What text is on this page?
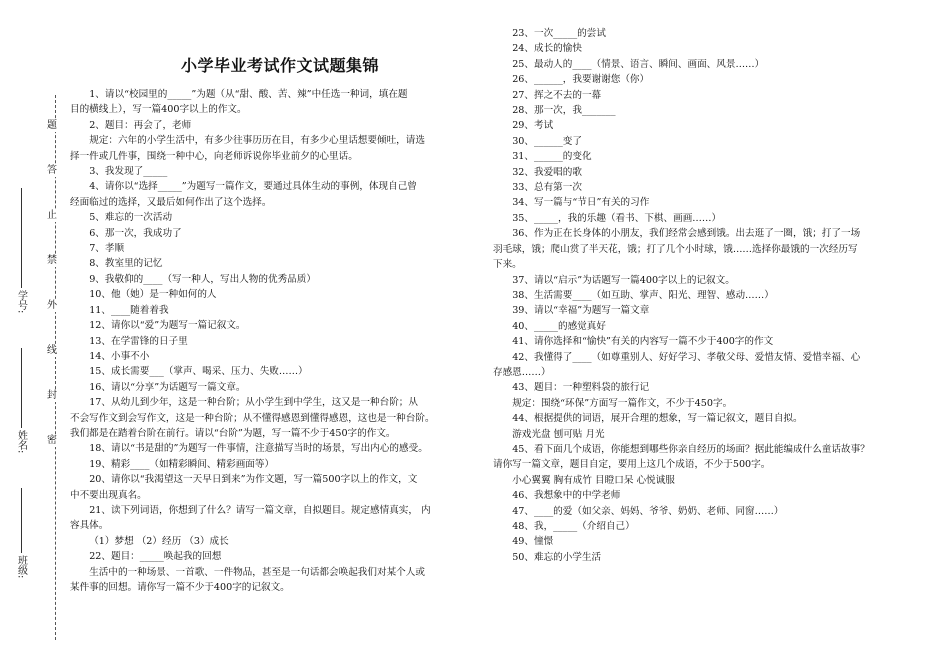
题
答
止
禁
外
线
封
密
学号:
姓名:
班级:
小学毕业考试作文试题集锦

1、请以“校园里的_____”为题（从“甜、酸、苦、辣”中任选一种词，填在题

目的横线上），写一篇400字以上的作文。

2、题目：再会了，老师

规定：六年的小学生活中，有多少往事历历在目，有多少心里话想要倾吐，请选

择一件或几件事，围绕一种中心，向老师诉说你毕业前夕的心里话。

3、我发现了_____

4、请你以“选择_____”为题写一篇作文，要通过具体生动的事例，体现自己曾

经面临过的选择，又最后如何作出了这个选择。

5、难忘的一次活动

6、那一次，我成功了

7、孝顺

8、教室里的记忆

9、我敬仰的____（写一种人，写出人物的优秀品质）

10、他（她）是一种如何的人

11、____随着着我

12、请你以“爱”为题写一篇记叙文。

13、在学雷锋的日子里

14、小事不小

15、成长需要___（掌声、喝采、压力、失败……）

16、请以“分享”为话题写一篇文章。

17、从幼儿到少年，这是一种台阶；从小学生到中学生，这又是一种台阶；从

不会写作文到会写作文，这是一种台阶；从不懂得感恩到懂得感恩，这也是一种台阶。

我们都是在踏着台阶在前行。请以“台阶”为题，写一篇不少于450字的作文。

18、请以“书是甜的”为题写一件事情，注意描写当时的场景，写出内心的感受。

19、精彩____（如精彩瞬间、精彩画面等）

20、请你以“我渴望这一天早日到来”为作文题，写一篇500字以上的作文，文

中不要出现真名。

21、读下列词语，你想到了什么？请写一篇文章，自拟题目。规定感情真实， 内

容具体。

（1）梦想 （2）经历 （3）成长

22、题目：_____唤起我的回想

生活中的一种场景、一首歌、一件物品，甚至是一句话都会唤起我们对某个人或

某件事的回想。请你写一篇不少于400字的记叙文。

23、一次_____的尝试

24、成长的愉快

25、最动人的____（情景、语言、瞬间、画面、风景……）

26、______，我要谢谢您（你）

27、挥之不去的一幕

28、那一次，我_______

29、考试

30、______变了

31、______的变化

32、我爱唱的歌

33、总有第一次

34、写一篇与“节日”有关的习作

35、_____，我的乐趣（看书、下棋、画画……）

36、作为正在长身体的小朋友，我们经常会感到饿。出去逛了一圈，饿；打了一场

羽毛球，饿；爬山赏了半天花，饿；打了几个小时球，饿……选择你最饿的一次经历写

下来。

37、请以“启示”为话题写一篇400字以上的记叙文。

38、生活需要____（如互助、掌声、阳光、理智、感动……）

39、请以“幸福”为题写一篇文章

40、_____的感觉真好

41、请你选择和“愉快”有关的内容写一篇不少于400字的作文

42、我懂得了____（如尊重别人、好好学习、孝敬父母、爱惜友情、爱惜幸福、心

存感恩……）

43、题目：一种塑料袋的旅行记

规定：围绕“环保”方面写一篇作文，不少于450字。

44、根据提供的词语，展开合理的想象，写一篇记叙文，题目自拟。

游戏光盘 刨可贴 月光

45、看下面几个成语，你能想到哪些你亲自经历的场面？据此能编成什么童话故事？

请你写一篇文章，题目自定，要用上这几个成语，不少于500字。

小心翼翼 胸有成竹 目瞪口呆 心悦诚服

46、我想象中的中学老师

47、____的爱（如父亲、妈妈、爷爷、奶奶、老师、同窗……）

48、我，_____（介绍自己）

49、憧憬

50、难忘的小学生活
